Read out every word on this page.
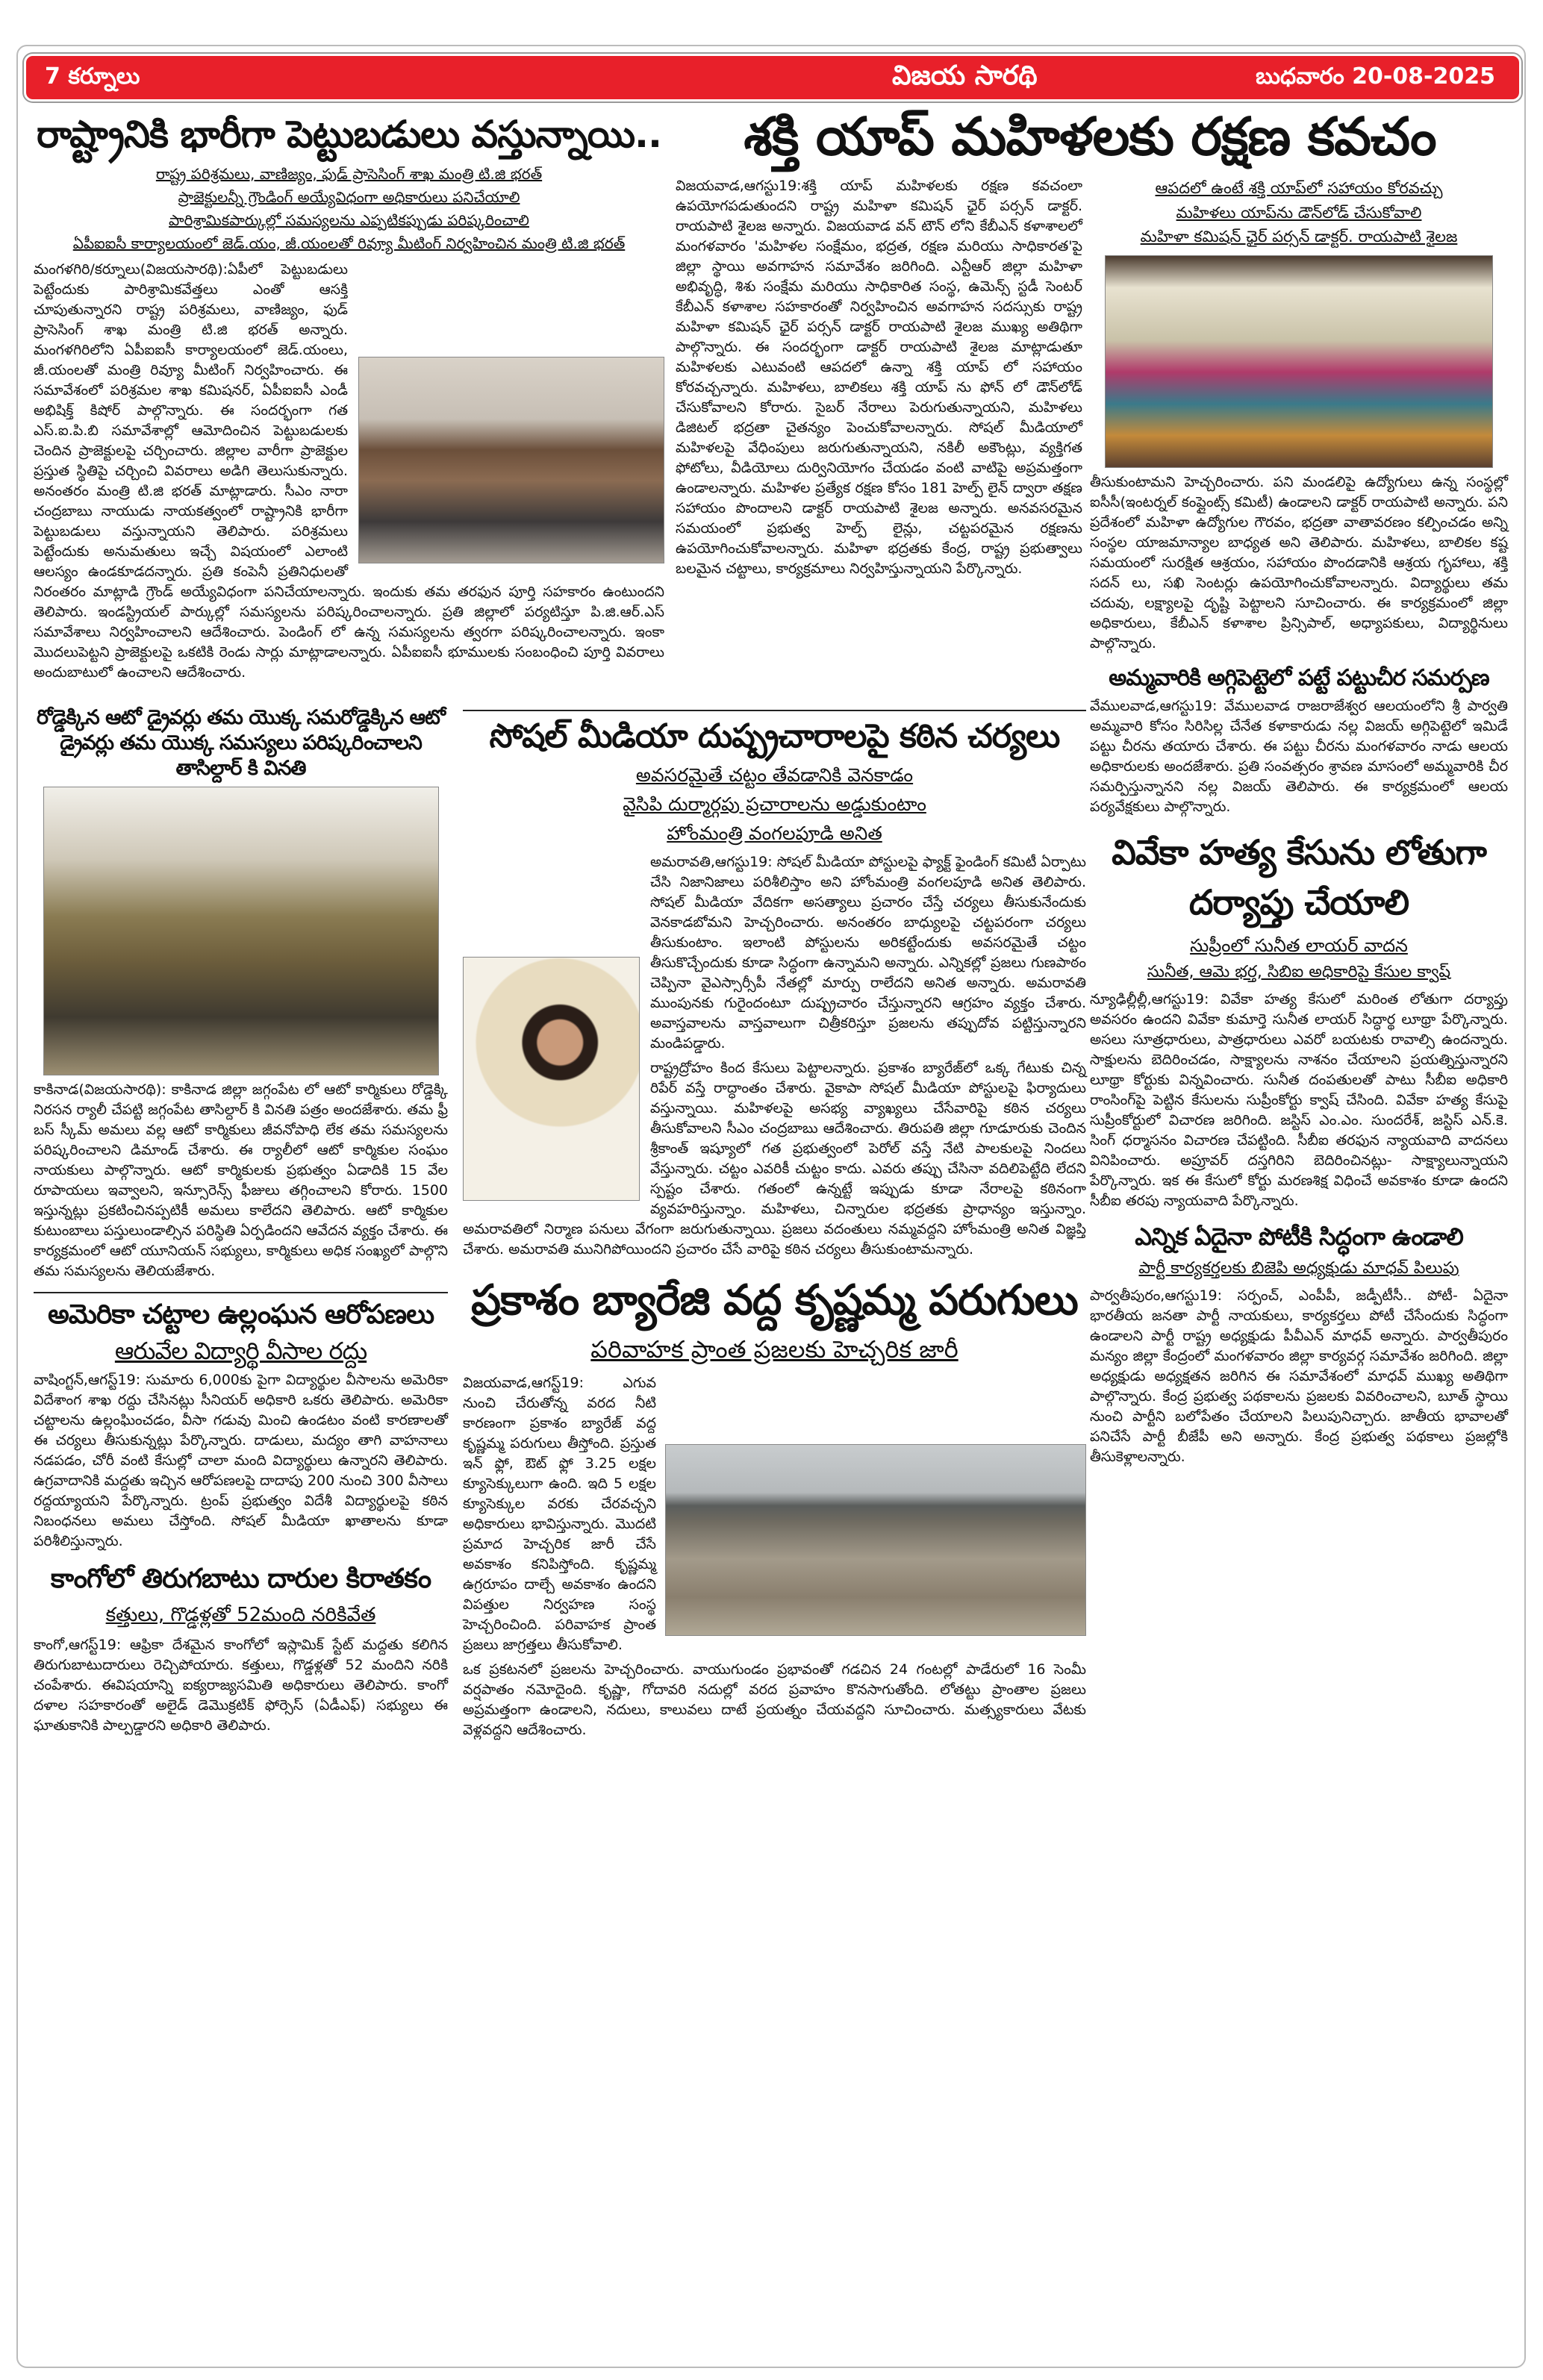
7 కర్నూలు	విజయ సారథి	బుధవారం 20-08-2025
రాష్ట్రానికి భారీగా పెట్టుబడులు వస్తున్నాయి..
రాష్ట్ర పరిశ్రమలు, వాణిజ్యం, ఫుడ్ ప్రాసెసింగ్ శాఖ మంత్రి టి.జి భరత్
ప్రాజెక్టులన్నీ గ్రౌండింగ్ అయ్యేవిధంగా అధికారులు పనిచేయాలి
పారిశ్రామికపార్కుల్లో సమస్యలను ఎప్పటికప్పుడు పరిష్కరించాలి
ఏపీఐఐసీ కార్యాలయంలో జెడ్.యం, జీ.యంలతో రివ్యూ మీటింగ్ నిర్వహించిన మంత్రి టి.జి భరత్

మంగళగిరి/కర్నూలు(విజయసారథి):ఏపీలో పెట్టుబడులు పెట్టేందుకు పారిశ్రామికవేత్తలు ఎంతో ఆసక్తి చూపుతున్నారని రాష్ట్ర పరిశ్రమలు, వాణిజ్యం, ఫుడ్ ప్రాసెసింగ్ శాఖ మంత్రి టి.జి భరత్ అన్నారు. మంగళగిరిలోని ఏపీఐఐసీ కార్యాలయంలో జెడ్.యంలు, జీ.యంలతో మంత్రి రివ్యూ మీటింగ్ నిర్వహించారు. ఈ సమావేశంలో పరిశ్రమల శాఖ కమిషనర్, ఏపీఐఐసీ ఎండీ అభిషిక్త్ కిషోర్ పాల్గొన్నారు. ఈ సందర్భంగా గత ఎస్.ఐ.పి.బి సమావేశాల్లో ఆమోదించిన పెట్టుబడులకు చెందిన ప్రాజెక్టులపై చర్చించారు. జిల్లాల వారీగా ప్రాజెక్టుల ప్రస్తుత స్థితిపై చర్చించి వివరాలు అడిగి తెలుసుకున్నారు. అనంతరం మంత్రి టి.జి భరత్ మాట్లాడారు. సీఎం నారా చంద్రబాబు నాయుడు నాయకత్వంలో రాష్ట్రానికి భారీగా పెట్టుబడులు వస్తున్నాయని తెలిపారు. పరిశ్రమలు పెట్టేందుకు అనుమతులు ఇచ్చే విషయంలో ఎలాంటి ఆలస్యం ఉండకూడదన్నారు. ప్రతి కంపెనీ ప్రతినిధులతో నిరంతరం మాట్లాడి గ్రౌండ్ అయ్యేవిధంగా పనిచేయాలన్నారు. ఇందుకు తమ తరఫున పూర్తి సహకారం ఉంటుందని తెలిపారు. ఇండస్ట్రియల్ పార్కుల్లో సమస్యలను పరిష్కరించాలన్నారు. ప్రతి జిల్లాలో పర్యటిస్తూ పి.జి.ఆర్.ఎస్ సమావేశాలు నిర్వహించాలని ఆదేశించారు. పెండింగ్ లో ఉన్న సమస్యలను త్వరగా పరిష్కరించాలన్నారు. ఇంకా మొదలుపెట్టని ప్రాజెక్టులపై ఒకటికి రెండు సార్లు మాట్లాడాలన్నారు. ఏపీఐఐసీ భూములకు సంబంధించి పూర్తి వివరాలు అందుబాటులో ఉంచాలని ఆదేశించారు.

శక్తి యాప్ మహిళలకు రక్షణ కవచం

విజయవాడ,ఆగస్టు19:శక్తి యాప్ మహిళలకు రక్షణ కవచంలా ఉపయోగపడుతుందని రాష్ట్ర మహిళా కమిషన్ ఛైర్ పర్సన్ డాక్టర్. రాయపాటి శైలజ అన్నారు. విజయవాడ వన్ టౌన్ లోని కేబీఎన్ కళాశాలలో మంగళవారం 'మహిళల సంక్షేమం, భద్రత, రక్షణ మరియు సాధికారత'పై జిల్లా స్థాయి అవగాహన సమావేశం జరిగింది. ఎన్టీఆర్ జిల్లా మహిళా అభివృద్ధి, శిశు సంక్షేమ మరియు సాధికారిత సంస్థ, ఉమెన్స్ స్టడీ సెంటర్ కేబీఎన్ కళాశాల సహకారంతో నిర్వహించిన అవగాహన సదస్సుకు రాష్ట్ర మహిళా కమిషన్ ఛైర్ పర్సన్ డాక్టర్ రాయపాటి శైలజ ముఖ్య అతిథిగా పాల్గొన్నారు. ఈ సందర్భంగా డాక్టర్ రాయపాటి శైలజ మాట్లాడుతూ మహిళలకు ఎటువంటి ఆపదలో ఉన్నా శక్తి యాప్ లో సహాయం కోరవచ్చన్నారు. మహిళలు, బాలికలు శక్తి యాప్ ను ఫోన్ లో డౌన్‌లోడ్ చేసుకోవాలని కోరారు. సైబర్ నేరాలు పెరుగుతున్నాయని, మహిళలు డిజిటల్ భద్రతా చైతన్యం పెంచుకోవాలన్నారు. సోషల్ మీడియాలో మహిళలపై వేధింపులు జరుగుతున్నాయని, నకిలీ అకౌంట్లు, వ్యక్తిగత ఫోటోలు, వీడియోలు దుర్వినియోగం చేయడం వంటి వాటిపై అప్రమత్తంగా ఉండాలన్నారు. మహిళల ప్రత్యేక రక్షణ కోసం 181 హెల్ప్ లైన్ ద్వారా తక్షణ సహాయం పొందాలని డాక్టర్ రాయపాటి శైలజ అన్నారు. అనవసరమైన సమయంలో ప్రభుత్వ హెల్ప్ లైన్లు, చట్టపరమైన రక్షణను ఉపయోగించుకోవాలన్నారు. మహిళా భద్రతకు కేంద్ర, రాష్ట్ర ప్రభుత్వాలు బలమైన చట్టాలు, కార్యక్రమాలు నిర్వహిస్తున్నాయని పేర్కొన్నారు.

ఆపదలో ఉంటే శక్తి యాప్‌లో సహాయం కోరవచ్చు
మహిళలు యాప్‌ను డౌన్‌లోడ్ చేసుకోవాలి
మహిళా కమిషన్ ఛైర్ పర్సన్ డాక్టర్. రాయపాటి శైలజ

తీసుకుంటామని హెచ్చరించారు. పని మండలిపై ఉద్యోగులు ఉన్న సంస్థల్లో ఐసీసీ(ఇంటర్నల్ కంప్లైంట్స్ కమిటీ) ఉండాలని డాక్టర్ రాయపాటి అన్నారు. పని ప్రదేశంలో మహిళా ఉద్యోగుల గౌరవం, భద్రతా వాతావరణం కల్పించడం అన్ని సంస్థల యాజమాన్యాల బాధ్యత అని తెలిపారు. మహిళలు, బాలికల కష్ట సమయంలో సురక్షిత ఆశ్రయం, సహాయం పొందడానికి ఆశ్రయ గృహాలు, శక్తి సదన్ లు, సఖి సెంటర్లు ఉపయోగించుకోవాలన్నారు. విద్యార్థులు తమ చదువు, లక్ష్యాలపై దృష్టి పెట్టాలని సూచించారు. ఈ కార్యక్రమంలో జిల్లా అధికారులు, కేబీఎన్ కళాశాల ప్రిన్సిపాల్, అధ్యాపకులు, విద్యార్థినులు పాల్గొన్నారు.

అమ్మవారికి అగ్గిపెట్టెలో పట్టే పట్టుచీర సమర్పణ

వేములవాడ,ఆగస్టు19: వేములవాడ రాజరాజేశ్వర ఆలయంలోని శ్రీ పార్వతి అమ్మవారి కోసం సిరిసిల్ల చేనేత కళాకారుడు నల్ల విజయ్ అగ్గిపెట్టెలో ఇమిడే పట్టు చీరను తయారు చేశారు. ఈ పట్టు చీరను మంగళవారం నాడు ఆలయ అధికారులకు అందజేశారు. ప్రతి సంవత్సరం శ్రావణ మాసంలో అమ్మవారికి చీర సమర్పిస్తున్నానని నల్ల విజయ్ తెలిపారు. ఈ కార్యక్రమంలో ఆలయ పర్యవేక్షకులు పాల్గొన్నారు.

వివేకా హత్య కేసును లోతుగా దర్యాప్తు చేయాలి
సుప్రీంలో సునీత లాయర్ వాదన
సునీత, ఆమె భర్త, సిబిఐ అధికారిపై కేసుల క్వాష్

న్యూఢిల్లీల్లీ,ఆగస్టు19: వివేకా హత్య కేసులో మరింత లోతుగా దర్యాప్తు అవసరం ఉందని వివేకా కుమార్తె సునీత లాయర్ సిద్ధార్థ లూథ్రా పేర్కొన్నారు. అసలు సూత్రధారులు, పాత్రధారులు ఎవరో బయటకు రావాల్సి ఉందన్నారు. సాక్షులను బెదిరించడం, సాక్ష్యాలను నాశనం చేయాలని ప్రయత్నిస్తున్నారని లూథ్రా కోర్టుకు విన్నవించారు. సునీత దంపతులతో పాటు సీబీఐ అధికారి రాంసింగ్‌పై పెట్టిన కేసులను సుప్రీంకోర్టు క్వాష్ చేసింది. వివేకా హత్య కేసుపై సుప్రీంకోర్టులో విచారణ జరిగింది. జస్టిస్ ఎం.ఎం. సుందరేశ్, జస్టిస్ ఎన్.కె. సింగ్ ధర్మాసనం విచారణ చేపట్టింది. సీబీఐ తరఫున న్యాయవాది వాదనలు వినిపించారు. అప్రూవర్ దస్తగిరిని బెదిరించినట్లు- సాక్ష్యాలున్నాయని పేర్కొన్నారు. ఇక ఈ కేసులో కోర్టు మరణశిక్ష విధించే అవకాశం కూడా ఉందని సీబీఐ తరపు న్యాయవాది పేర్కొన్నారు.

ఎన్నిక ఏదైనా పోటీకి సిద్ధంగా ఉండాలి
పార్టీ కార్యకర్తలకు బిజెపి అధ్యక్షుడు మాధవ్ పిలుపు

పార్వతీపురం,ఆగస్టు19: సర్పంచ్, ఎంపీపీ, జడ్పీటీసీ.. పోటీ- ఏదైనా భారతీయ జనతా పార్టీ నాయకులు, కార్యకర్తలు పోటీ చేసేందుకు సిద్ధంగా ఉండాలని పార్టీ రాష్ట్ర అధ్యక్షుడు పీవీఎన్ మాధవ్ అన్నారు. పార్వతీపురం మన్యం జిల్లా కేంద్రంలో మంగళవారం జిల్లా కార్యవర్గ సమావేశం జరిగింది. జిల్లా అధ్యక్షుడు అధ్యక్షతన జరిగిన ఈ సమావేశంలో మాధవ్ ముఖ్య అతిథిగా పాల్గొన్నారు. కేంద్ర ప్రభుత్వ పథకాలను ప్రజలకు వివరించాలని, బూత్ స్థాయి నుంచి పార్టీని బలోపేతం చేయాలని పిలుపునిచ్చారు. జాతీయ భావాలతో పనిచేసే పార్టీ బీజేపీ అని అన్నారు. కేంద్ర ప్రభుత్వ పథకాలు ప్రజల్లోకి తీసుకెళ్లాలన్నారు.

రోడ్డెక్కిన ఆటో డ్రైవర్లు తమ యొక్క సమరోడ్డెక్కిన ఆటో డ్రైవర్లు తమ యొక్క సమస్యలు పరిష్కరించాలని తాసిల్దార్ కి వినతి

కాకినాడ(విజయసారథి): కాకినాడ జిల్లా జగ్గంపేట లో ఆటో కార్మికులు రోడ్డెక్కి నిరసన ర్యాలీ చేపట్టి జగ్గంపేట తాసిల్దార్ కి వినతి పత్రం అందజేశారు. తమ ఫ్రీ బస్ స్కీమ్ అమలు వల్ల ఆటో కార్మికులు జీవనోపాధి లేక తమ సమస్యలను పరిష్కరించాలని డిమాండ్ చేశారు. ఈ ర్యాలీలో ఆటో కార్మికుల సంఘం నాయకులు పాల్గొన్నారు. ఆటో కార్మికులకు ప్రభుత్వం ఏడాదికి 15 వేల రూపాయలు ఇవ్వాలని, ఇన్సూరెన్స్ ఫీజులు తగ్గించాలని కోరారు. 1500 ఇస్తున్నట్లు ప్రకటించినప్పటికీ అమలు కాలేదని తెలిపారు. ఆటో కార్మికుల కుటుంబాలు పస్తులుండాల్సిన పరిస్థితి ఏర్పడిందని ఆవేదన వ్యక్తం చేశారు. ఈ కార్యక్రమంలో ఆటో యూనియన్ సభ్యులు, కార్మికులు అధిక సంఖ్యలో పాల్గొని తమ సమస్యలను తెలియజేశారు.

అమెరికా చట్టాల ఉల్లంఘన ఆరోపణలు
ఆరువేల విద్యార్థి వీసాల రద్దు

వాషింగ్టన్,ఆగస్ట్19: సుమారు 6,000కు పైగా విద్యార్థుల వీసాలను అమెరికా విదేశాంగ శాఖ రద్దు చేసినట్లు సీనియర్ అధికారి ఒకరు తెలిపారు. అమెరికా చట్టాలను ఉల్లంఘించడం, వీసా గడువు మించి ఉండటం వంటి కారణాలతో ఈ చర్యలు తీసుకున్నట్లు పేర్కొన్నారు. దాడులు, మద్యం తాగి వాహనాలు నడపడం, చోరీ వంటి కేసుల్లో చాలా మంది విద్యార్థులు ఉన్నారని తెలిపారు. ఉగ్రవాదానికి మద్దతు ఇచ్చిన ఆరోపణలపై దాదాపు 200 నుంచి 300 వీసాలు రద్దయ్యాయని పేర్కొన్నారు. ట్రంప్ ప్రభుత్వం విదేశీ విద్యార్థులపై కఠిన నిబంధనలు అమలు చేస్తోంది. సోషల్ మీడియా ఖాతాలను కూడా పరిశీలిస్తున్నారు.

కాంగోలో తిరుగబాటు దారుల కిరాతకం
కత్తులు, గొడ్డళ్లతో 52మంది నరికివేత

కాంగో,ఆగస్ట్19: ఆఫ్రికా దేశమైన కాంగోలో ఇస్లామిక్ స్టేట్ మద్దతు కలిగిన తిరుగుబాటుదారులు రెచ్చిపోయారు. కత్తులు, గొడ్డళ్లతో 52 మందిని నరికి చంపేశారు. ఈవిషయాన్ని ఐక్యరాజ్యసమితి అధికారులు తెలిపారు. కాంగో దళాల సహకారంతో అలైడ్ డెమొక్రటిక్ ఫోర్సెస్ (ఏడీఎఫ్) సభ్యులు ఈ ఘాతుకానికి పాల్పడ్డారని అధికారి తెలిపారు.

సోషల్ మీడియా దుష్ప్రచారాలపై కఠిన చర్యలు
అవసరమైతే చట్టం తేవడానికి వెనకాడం
వైసిపి దుర్మార్గపు ప్రచారాలను అడ్డుకుంటాం
హోంమంత్రి వంగలపూడి అనిత

అమరావతి,ఆగస్టు19: సోషల్ మీడియా పోస్టులపై ఫ్యాక్ట్ ఫైండింగ్ కమిటీ ఏర్పాటు చేసి నిజానిజాలు పరిశీలిస్తాం అని హోంమంత్రి వంగలపూడి అనిత తెలిపారు. సోషల్ మీడియా వేదికగా అసత్యాలు ప్రచారం చేస్తే చర్యలు తీసుకునేందుకు వెనకాడబోమని హెచ్చరించారు. అనంతరం బాధ్యులపై చట్టపరంగా చర్యలు తీసుకుంటాం. ఇలాంటి పోస్టులను అరికట్టేందుకు అవసరమైతే చట్టం తీసుకొచ్చేందుకు కూడా సిద్ధంగా ఉన్నామని అన్నారు. ఎన్నికల్లో ప్రజలు గుణపాఠం చెప్పినా వైఎస్సార్సీపీ నేతల్లో మార్పు రాలేదని అనిత అన్నారు. అమరావతి ముంపునకు గురైందంటూ దుష్ప్రచారం చేస్తున్నారని ఆగ్రహం వ్యక్తం చేశారు. అవాస్తవాలను వాస్తవాలుగా చిత్రీకరిస్తూ ప్రజలను తప్పుదోవ పట్టిస్తున్నారని మండిపడ్డారు.

రాష్ట్రద్రోహం కింద కేసులు పెట్టాలన్నారు. ప్రకాశం బ్యారేజ్‌లో ఒక్క గేటుకు చిన్న రిపేర్ వస్తే రాద్ధాంతం చేశారు. వైకాపా సోషల్ మీడియా పోస్టులపై ఫిర్యాదులు వస్తున్నాయి. మహిళలపై అసభ్య వ్యాఖ్యలు చేసేవారిపై కఠిన చర్యలు తీసుకోవాలని సీఎం చంద్రబాబు ఆదేశించారు. తిరుపతి జిల్లా గూడూరుకు చెందిన శ్రీకాంత్ ఇష్యూలో గత ప్రభుత్వంలో పెరోల్ వస్తే నేటి పాలకులపై నిందలు వేస్తున్నారు. చట్టం ఎవరికీ చుట్టం కాదు. ఎవరు తప్పు చేసినా వదిలిపెట్టేది లేదని స్పష్టం చేశారు. గతంలో ఉన్నట్టే ఇప్పుడు కూడా నేరాలపై కఠినంగా వ్యవహరిస్తున్నాం. మహిళలు, చిన్నారుల భద్రతకు ప్రాధాన్యం ఇస్తున్నాం. అమరావతిలో నిర్మాణ పనులు వేగంగా జరుగుతున్నాయి. ప్రజలు వదంతులు నమ్మవద్దని హోంమంత్రి అనిత విజ్ఞప్తి చేశారు. అమరావతి మునిగిపోయిందని ప్రచారం చేసే వారిపై కఠిన చర్యలు తీసుకుంటామన్నారు.

ప్రకాశం బ్యారేజి వద్ద కృష్ణమ్మ పరుగులు
పరివాహక ప్రాంత ప్రజలకు హెచ్చరిక జారీ

విజయవాడ,ఆగస్ట్19: ఎగువ నుంచి చేరుతోన్న వరద నీటి కారణంగా ప్రకాశం బ్యారేజ్ వద్ద కృష్ణమ్మ పరుగులు తీస్తోంది. ప్రస్తుత ఇన్ ఫ్లో, ఔట్ ఫ్లో 3.25 లక్షల క్యూసెక్కులుగా ఉంది. ఇది 5 లక్షల క్యూసెక్కుల వరకు చేరవచ్చని అధికారులు భావిస్తున్నారు. మొదటి ప్రమాద హెచ్చరిక జారీ చేసే అవకాశం కనిపిస్తోంది. కృష్ణమ్మ ఉగ్రరూపం దాల్చే అవకాశం ఉందని విపత్తుల నిర్వహణ సంస్థ హెచ్చరించింది. పరివాహక ప్రాంత ప్రజలు జాగ్రత్తలు తీసుకోవాలి.

ఒక ప్రకటనలో ప్రజలను హెచ్చరించారు. వాయుగుండం ప్రభావంతో గడచిన 24 గంటల్లో పాడేరులో 16 సెంమీ వర్షపాతం నమోదైంది. కృష్ణా, గోదావరి నదుల్లో వరద ప్రవాహం కొనసాగుతోంది. లోతట్టు ప్రాంతాల ప్రజలు అప్రమత్తంగా ఉండాలని, నదులు, కాలువలు దాటే ప్రయత్నం చేయవద్దని సూచించారు. మత్స్యకారులు వేటకు వెళ్లవద్దని ఆదేశించారు.
